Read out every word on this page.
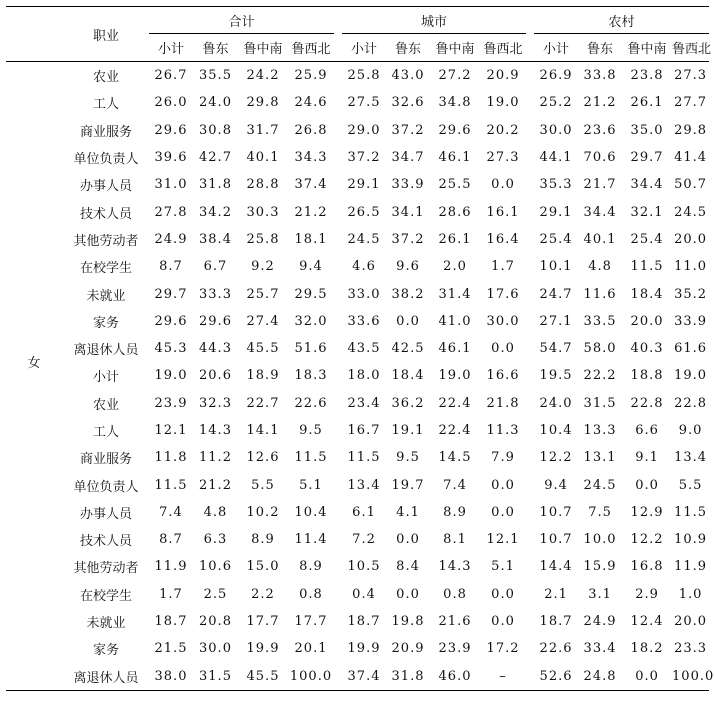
	职业	合计					城市					农村			
		小计	鲁东	鲁中南	鲁西北		小计	鲁东	鲁中南	鲁西北		小计	鲁东	鲁中南	鲁西北
女	农业	26.7	35.5	24.2	25.9		25.8	43.0	27.2	20.9		26.9	33.8	23.8	27.3
	工人	26.0	24.0	29.8	24.6		27.5	32.6	34.8	19.0		25.2	21.2	26.1	27.7
	商业服务	29.6	30.8	31.7	26.8		29.0	37.2	29.6	20.2		30.0	23.6	35.0	29.8
	单位负责人	39.6	42.7	40.1	34.3		37.2	34.7	46.1	27.3		44.1	70.6	29.7	41.4
	办事人员	31.0	31.8	28.8	37.4		29.1	33.9	25.5	0.0		35.3	21.7	34.4	50.7
	技术人员	27.8	34.2	30.3	21.2		26.5	34.1	28.6	16.1		29.1	34.4	32.1	24.5
	其他劳动者	24.9	38.4	25.8	18.1		24.5	37.2	26.1	16.4		25.4	40.1	25.4	20.0
	在校学生	8.7	6.7	9.2	9.4		4.6	9.6	2.0	1.7		10.1	4.8	11.5	11.0
	未就业	29.7	33.3	25.7	29.5		33.0	38.2	31.4	17.6		24.7	11.6	18.4	35.2
	家务	29.6	29.6	27.4	32.0		33.6	0.0	41.0	30.0		27.1	33.5	20.0	33.9
	离退休人员	45.3	44.3	45.5	51.6		43.5	42.5	46.1	0.0		54.7	58.0	40.3	61.6
	小计	19.0	20.6	18.9	18.3		18.0	18.4	19.0	16.6		19.5	22.2	18.8	19.0
	农业	23.9	32.3	22.7	22.6		23.4	36.2	22.4	21.8		24.0	31.5	22.8	22.8
	工人	12.1	14.3	14.1	9.5		16.7	19.1	22.4	11.3		10.4	13.3	6.6	9.0
	商业服务	11.8	11.2	12.6	11.5		11.5	9.5	14.5	7.9		12.2	13.1	9.1	13.4
	单位负责人	11.5	21.2	5.5	5.1		13.4	19.7	7.4	0.0		9.4	24.5	0.0	5.5
	办事人员	7.4	4.8	10.2	10.4		6.1	4.1	8.9	0.0		10.7	7.5	12.9	11.5
	技术人员	8.7	6.3	8.9	11.4		7.2	0.0	8.1	12.1		10.7	10.0	12.2	10.9
	其他劳动者	11.9	10.6	15.0	8.9		10.5	8.4	14.3	5.1		14.4	15.9	16.8	11.9
	在校学生	1.7	2.5	2.2	0.8		0.4	0.0	0.8	0.0		2.1	3.1	2.9	1.0
	未就业	18.7	20.8	17.7	17.7		18.7	19.8	21.6	0.0		18.7	24.9	12.4	20.0
	家务	21.5	30.0	19.9	20.1		19.9	20.9	23.9	17.2		22.6	33.4	18.2	23.3
	离退休人员	38.0	31.5	45.5	100.0		37.4	31.8	46.0	–		52.6	24.8	0.0	100.0
